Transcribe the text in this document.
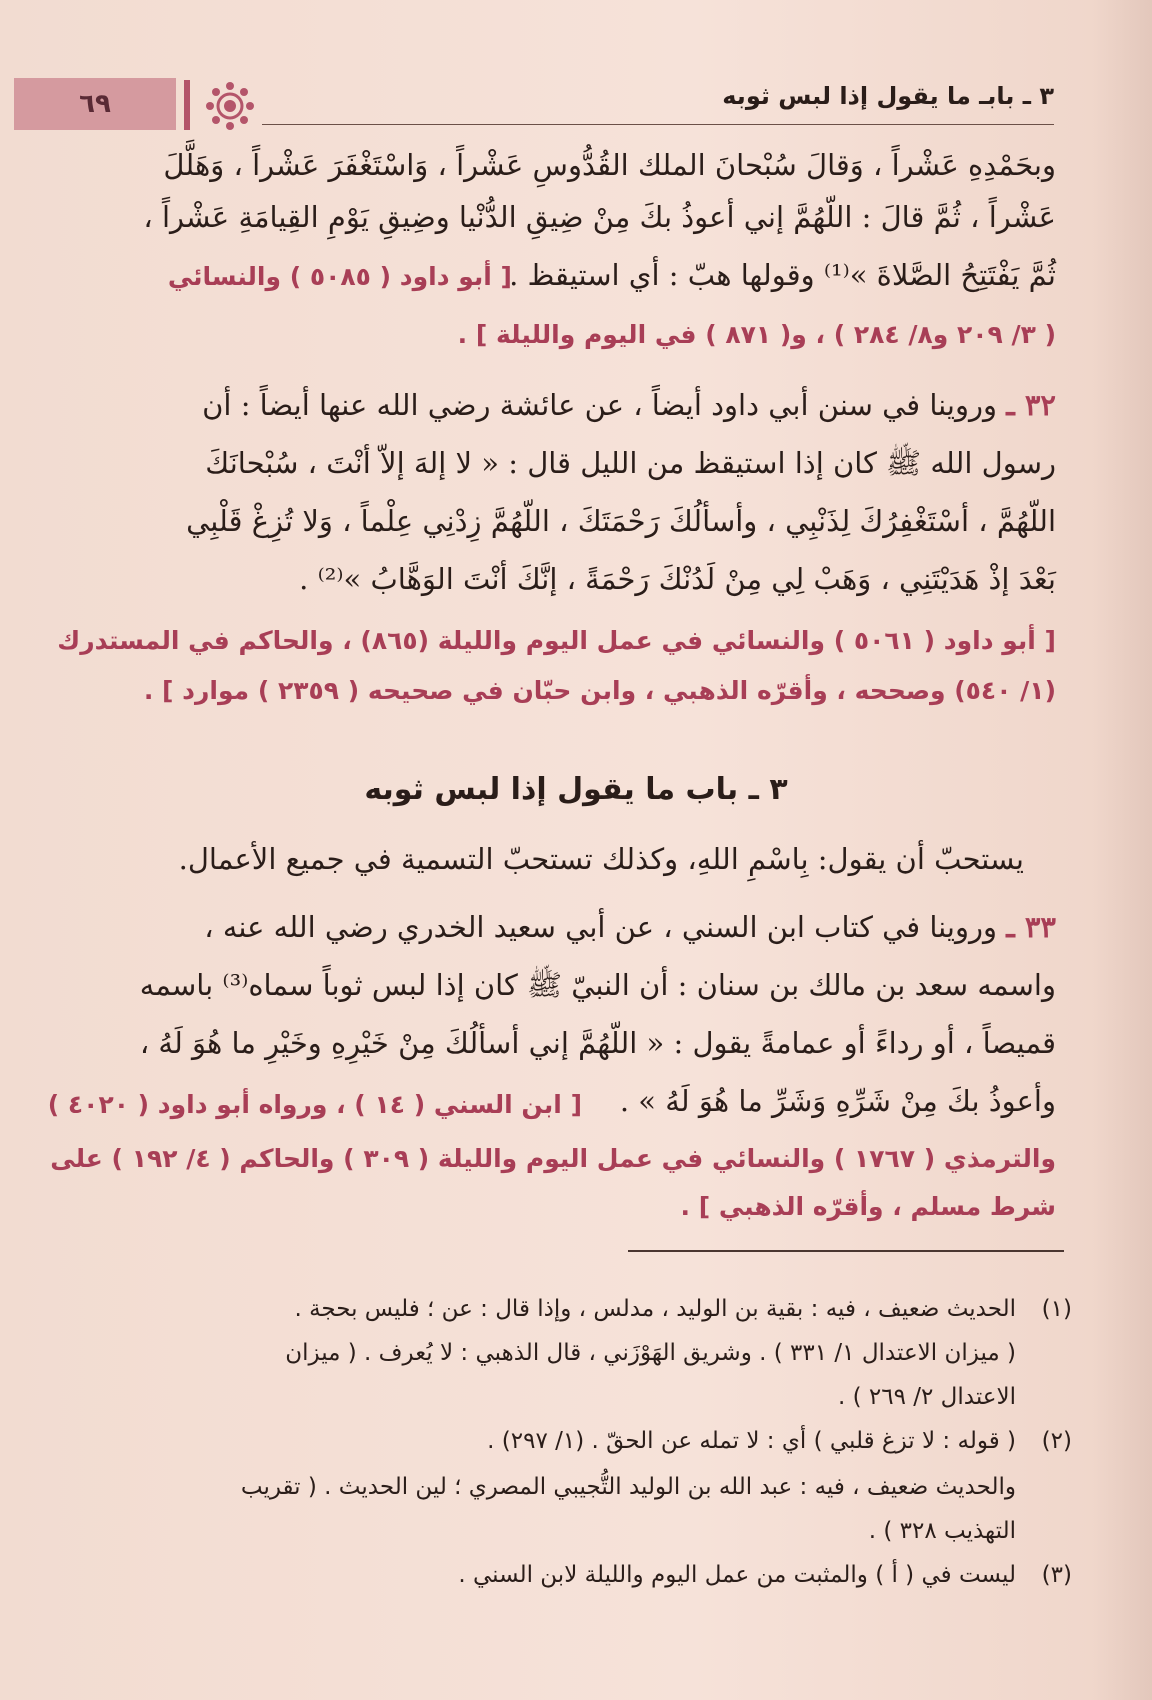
٦٩	٣ ـ بابـ ما يقول إذا لبس ثوبه
وبحَمْدِهِ عَشْراً ، وَقالَ سُبْحانَ الملك القُدُّوسِ عَشْراً ، وَاسْتَغْفَرَ عَشْراً ، وَهَلَّلَ
عَشْراً ، ثُمَّ قالَ : اللّهُمَّ إني أعوذُ بكَ مِنْ ضِيقِ الدُّنْيا وضِيقِ يَوْمِ القِيامَةِ عَشْراً ،
ثُمَّ يَفْتَتِحُ الصَّلاةَ »⁽¹⁾ وقولها هبّ : أي استيقظ .
[ أبو داود ( ٥٠٨٥ ) والنسائي
( ٣/ ٢٠٩ و٨/ ٢٨٤ ) ، و( ٨٧١ ) في اليوم والليلة ] .
٣٢ ـ وروينا في سنن أبي داود أيضاً ، عن عائشة رضي الله عنها أيضاً : أن
رسول الله ﷺ كان إذا استيقظ من الليل قال : « لا إلهَ إلاّ أنْتَ ، سُبْحانَكَ
اللّهُمَّ ، أسْتَغْفِرُكَ لِذَنْبِي ، وأسألُكَ رَحْمَتَكَ ، اللّهُمَّ زِدْنِي عِلْماً ، وَلا تُزِغْ قَلْبِي
بَعْدَ إذْ هَدَيْتَنِي ، وَهَبْ لِي مِنْ لَدُنْكَ رَحْمَةً ، إنَّكَ أنْتَ الوَهَّابُ »⁽²⁾ .
[ أبو داود ( ٥٠٦١ ) والنسائي في عمل اليوم والليلة (٨٦٥) ، والحاكم في المستدرك
(١/ ٥٤٠) وصححه ، وأقرّه الذهبي ، وابن حبّان في صحيحه ( ٢٣٥٩ ) موارد ] .
٣ ـ باب ما يقول إذا لبس ثوبه
يستحبّ أن يقول: بِاسْمِ اللهِ، وكذلك تستحبّ التسمية في جميع الأعمال.
٣٣ ـ وروينا في كتاب ابن السني ، عن أبي سعيد الخدري رضي الله عنه ،
واسمه سعد بن مالك بن سنان : أن النبيّ ﷺ كان إذا لبس ثوباً سماه⁽³⁾ باسمه
قميصاً ، أو رداءً أو عمامةً يقول : « اللّهُمَّ إني أسألُكَ مِنْ خَيْرِهِ وخَيْرِ ما هُوَ لَهُ ،
وأعوذُ بكَ مِنْ شَرِّهِ وَشَرِّ ما هُوَ لَهُ » .
[ ابن السني ( ١٤ ) ، ورواه أبو داود ( ٤٠٢٠ )
والترمذي ( ١٧٦٧ ) والنسائي في عمل اليوم والليلة ( ٣٠٩ ) والحاكم ( ٤/ ١٩٢ ) على
شرط مسلم ، وأقرّه الذهبي ] .
(١)
الحديث ضعيف ، فيه : بقية بن الوليد ، مدلس ، وإذا قال : عن ؛ فليس بحجة .
( ميزان الاعتدال ١/ ٣٣١ ) . وشريق الهَوْزَني ، قال الذهبي : لا يُعرف . ( ميزان
الاعتدال ٢/ ٢٦٩ ) .
(٢)
( قوله : لا تزغ قلبي ) أي : لا تمله عن الحقّ . (١/ ٢٩٧) .
والحديث ضعيف ، فيه : عبد الله بن الوليد التُّجيبي المصري ؛ لين الحديث . ( تقريب
التهذيب ٣٢٨ ) .
(٣)
ليست في ( أ ) والمثبت من عمل اليوم والليلة لابن السني .
